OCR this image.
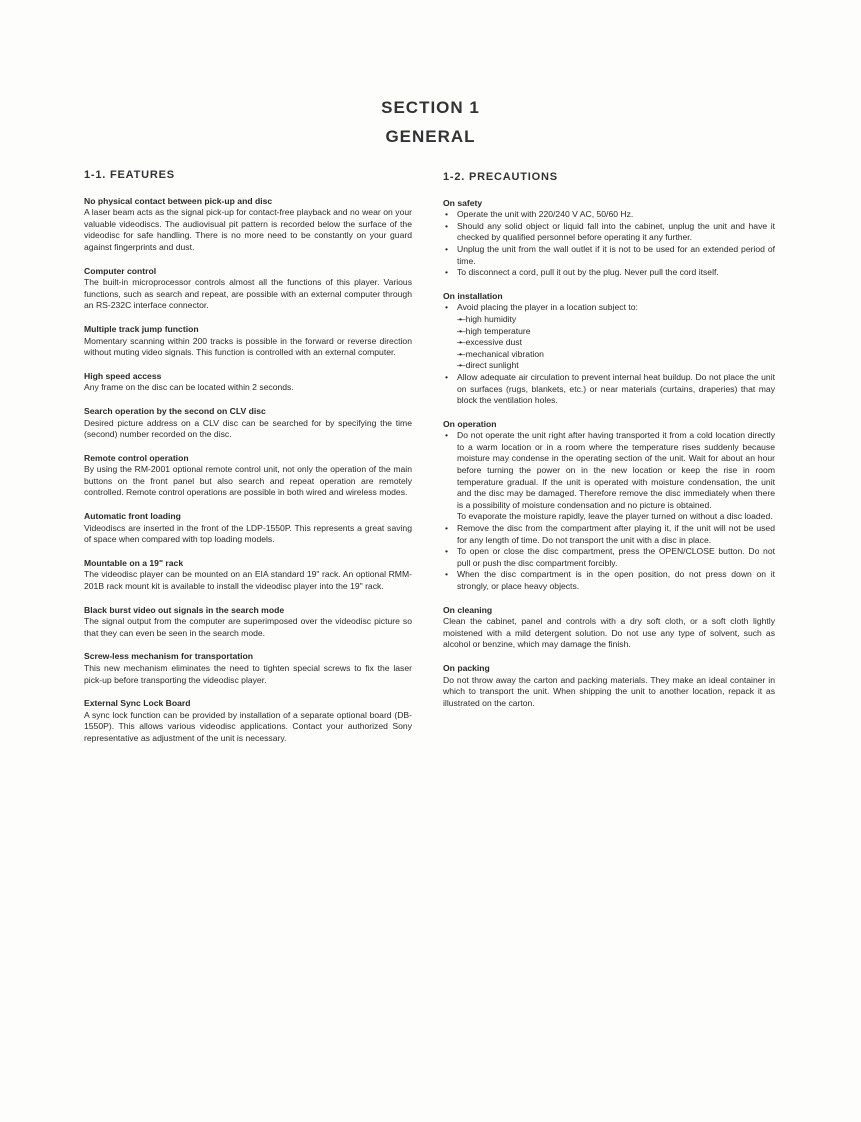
SECTION 1
GENERAL
1-1. FEATURES
No physical contact between pick-up and disc

A laser beam acts as the signal pick-up for contact-free playback and no wear on your valuable videodiscs. The audiovisual pit pattern is recorded below the surface of the videodisc for safe handling. There is no more need to be constantly on your guard against fingerprints and dust.

Computer control

The built-in microprocessor controls almost all the functions of this player. Various functions, such as search and repeat, are possible with an external computer through an RS-232C interface connector.

Multiple track jump function

Momentary scanning within 200 tracks is possible in the forward or reverse direction without muting video signals. This function is controlled with an external computer.

High speed access

Any frame on the disc can be located within 2 seconds.

Search operation by the second on CLV disc

Desired picture address on a CLV disc can be searched for by specifying the time (second) number recorded on the disc.

Remote control operation

By using the RM-2001 optional remote control unit, not only the operation of the main buttons on the front panel but also search and repeat operation are remotely controlled. Remote control operations are possible in both wired and wireless modes.

Automatic front loading

Videodiscs are inserted in the front of the LDP-1550P. This represents a great saving of space when compared with top loading models.

Mountable on a 19" rack

The videodisc player can be mounted on an EIA standard 19" rack. An optional RMM-201B rack mount kit is available to install the videodisc player into the 19" rack.

Black burst video out signals in the search mode

The signal output from the computer are superimposed over the videodisc picture so that they can even be seen in the search mode.

Screw-less mechanism for transportation

This new mechanism eliminates the need to tighten special screws to fix the laser pick-up before transporting the videodisc player.

External Sync Lock Board

A sync lock function can be provided by installation of a separate optional board (DB-1550P). This allows various videodisc applications. Contact your authorized Sony representative as adjustment of the unit is necessary.

1-2. PRECAUTIONS
On safety
• Operate the unit with 220/240 V AC, 50/60 Hz.
• Should any solid object or liquid fall into the cabinet, unplug the unit and have it checked by qualified personnel before operating it any further.
• Unplug the unit from the wall outlet if it is not to be used for an extended period of time.
• To disconnect a cord, pull it out by the plug. Never pull the cord itself.
On installation
• Avoid placing the player in a location subject to:
• —high humidity
• —high temperature
• —excessive dust
• —mechanical vibration
• —direct sunlight
• Allow adequate air circulation to prevent internal heat buildup. Do not place the unit on surfaces (rugs, blankets, etc.) or near materials (curtains, draperies) that may block the ventilation holes.
On operation
• Do not operate the unit right after having transported it from a cold location directly to a warm location or in a room where the temperature rises suddenly because moisture may condense in the operating section of the unit. Wait for about an hour before turning the power on in the new location or keep the rise in room temperature gradual. If the unit is operated with moisture condensation, the unit and the disc may be damaged. Therefore remove the disc immediately when there is a possibility of moisture condensation and no picture is obtained.
To evaporate the moisture rapidly, leave the player turned on without a disc loaded.
• Remove the disc from the compartment after playing it, if the unit will not be used for any length of time. Do not transport the unit with a disc in place.
• To open or close the disc compartment, press the OPEN/CLOSE button. Do not pull or push the disc compartment forcibly.
• When the disc compartment is in the open position, do not press down on it strongly, or place heavy objects.
On cleaning

Clean the cabinet, panel and controls with a dry soft cloth, or a soft cloth lightly moistened with a mild detergent solution. Do not use any type of solvent, such as alcohol or benzine, which may damage the finish.

On packing

Do not throw away the carton and packing materials. They make an ideal container in which to transport the unit. When shipping the unit to another location, repack it as illustrated on the carton.
